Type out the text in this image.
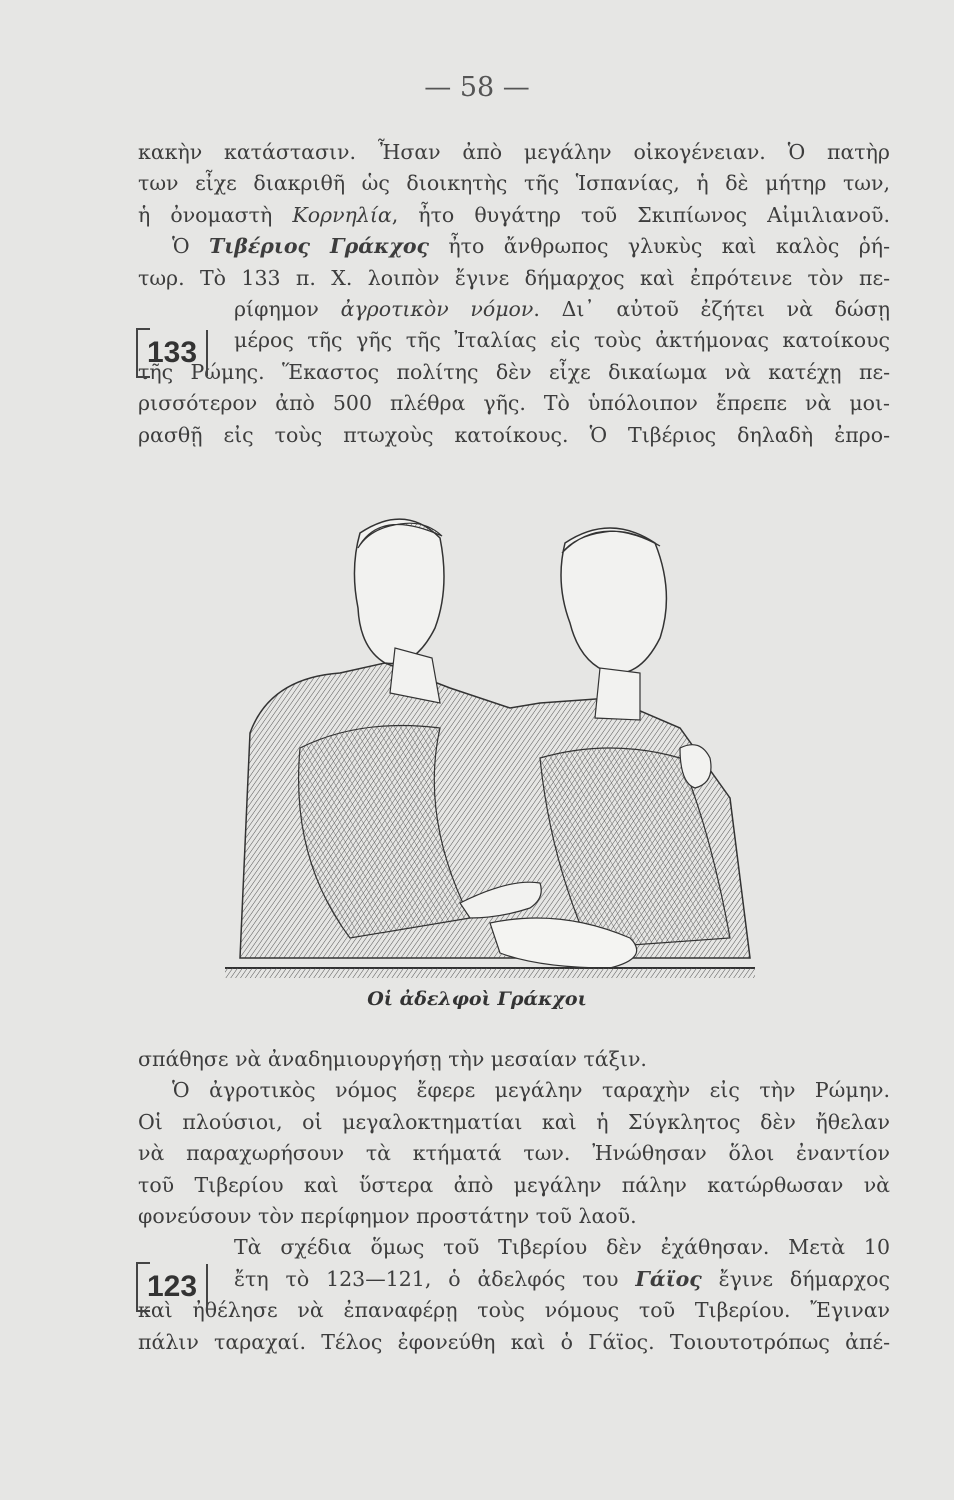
— 58 —
κακὴν κατάστασιν. Ἦσαν ἀπὸ μεγάλην οἰκογένειαν. Ὁ πατὴρ
των εἶχε διακριθῆ ὡς διοικητὴς τῆς Ἱσπανίας, ἡ δὲ μήτηρ των,
ἡ ὀνομαστὴ Κορνηλία, ἦτο θυγάτηρ τοῦ Σκιπίωνος Αἰμιλιανοῦ.
Ὁ Τιβέριος Γράκχος ἦτο ἄνθρωπος γλυκὺς καὶ καλὸς ῥή-
τωρ. Τὸ 133 π. Χ. λοιπὸν ἔγινε δήμαρχος καὶ ἐπρότεινε τὸν πε-
ρίφημον ἀγροτικὸν νόμον. Δι᾽ αὐτοῦ ἐζήτει νὰ δώσῃ
μέρος τῆς γῆς τῆς Ἰταλίας εἰς τοὺς ἀκτήμονας κατοίκους
τῆς Ρώμης. Ἕκαστος πολίτης δὲν εἶχε δικαίωμα νὰ κατέχῃ πε-
ρισσότερον ἀπὸ 500 πλέθρα γῆς. Τὸ ὑπόλοιπον ἔπρεπε νὰ μοι-
ρασθῇ εἰς τοὺς πτωχοὺς κατοίκους. Ὁ Τιβέριος δηλαδὴ ἐπρο-
133
Οἱ ἀδελφοὶ Γράκχοι
σπάθησε νὰ ἀναδημιουργήσῃ τὴν μεσαίαν τάξιν.
Ὁ ἀγροτικὸς νόμος ἔφερε μεγάλην ταραχὴν εἰς τὴν Ρώμην.
Οἱ πλούσιοι, οἱ μεγαλοκτηματίαι καὶ ἡ Σύγκλητος δὲν ἤθελαν
νὰ παραχωρήσουν τὰ κτήματά των. Ἠνώθησαν ὅλοι ἐναντίον
τοῦ Τιβερίου καὶ ὕστερα ἀπὸ μεγάλην πάλην κατώρθωσαν νὰ
φονεύσουν τὸν περίφημον προστάτην τοῦ λαοῦ.
Τὰ σχέδια ὅμως τοῦ Τιβερίου δὲν ἐχάθησαν. Μετὰ 10
ἔτη τὸ 123—121, ὁ ἀδελφός του Γάϊος ἔγινε δήμαρχος
καὶ ἠθέλησε νὰ ἐπαναφέρῃ τοὺς νόμους τοῦ Τιβερίου. Ἔγιναν
πάλιν ταραχαί. Τέλος ἐφονεύθη καὶ ὁ Γάϊος. Τοιουτοτρόπως ἀπέ-
123
